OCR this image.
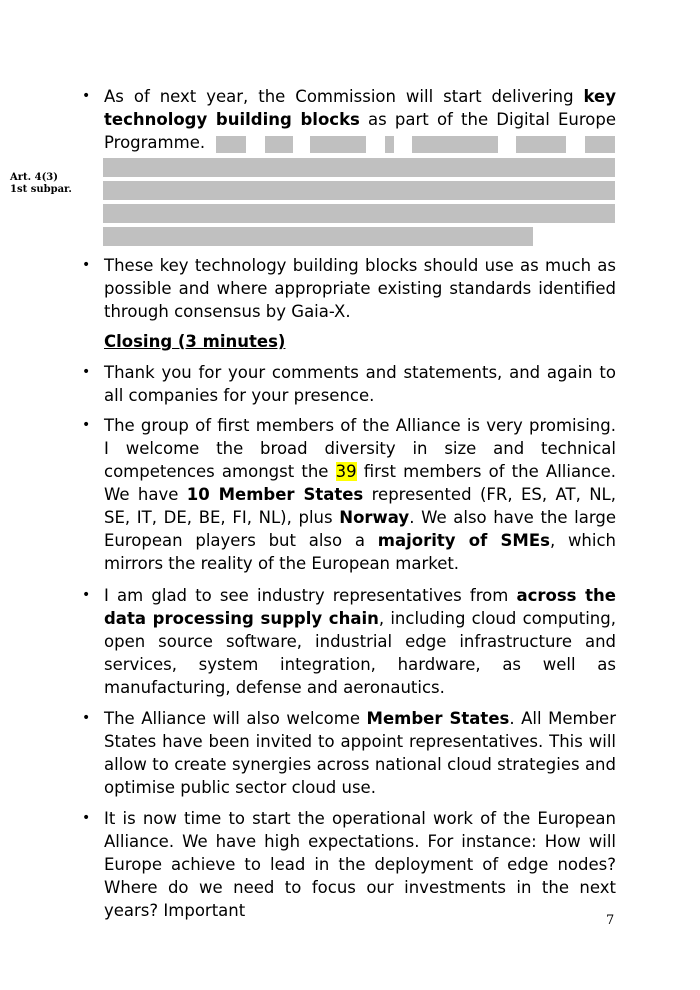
Art. 4(3)
1st subpar.
• As of next year, the Commission will start delivering key technology building blocks as part of the Digital Europe Programme.
• These key technology building blocks should use as much as possible and where appropriate existing standards identified through consensus by Gaia-X.
Closing (3 minutes)
• Thank you for your comments and statements, and again to all companies for your presence.
• The group of first members of the Alliance is very promising. I welcome the broad diversity in size and technical competences amongst the 39 first members of the Alliance. We have 10 Member States represented (FR, ES, AT, NL, SE, IT, DE, BE, FI, NL), plus Norway. We also have the large European players but also a majority of SMEs, which mirrors the reality of the European market.
• I am glad to see industry representatives from across the data processing supply chain, including cloud computing, open source software, industrial edge infrastructure and services, system integration, hardware, as well as manufacturing, defense and aeronautics.
• The Alliance will also welcome Member States. All Member States have been invited to appoint representatives. This will allow to create synergies across national cloud strategies and optimise public sector cloud use.
• It is now time to start the operational work of the European Alliance. We have high expectations. For instance: How will Europe achieve to lead in the deployment of edge nodes? Where do we need to focus our investments in the next years? Important
7
